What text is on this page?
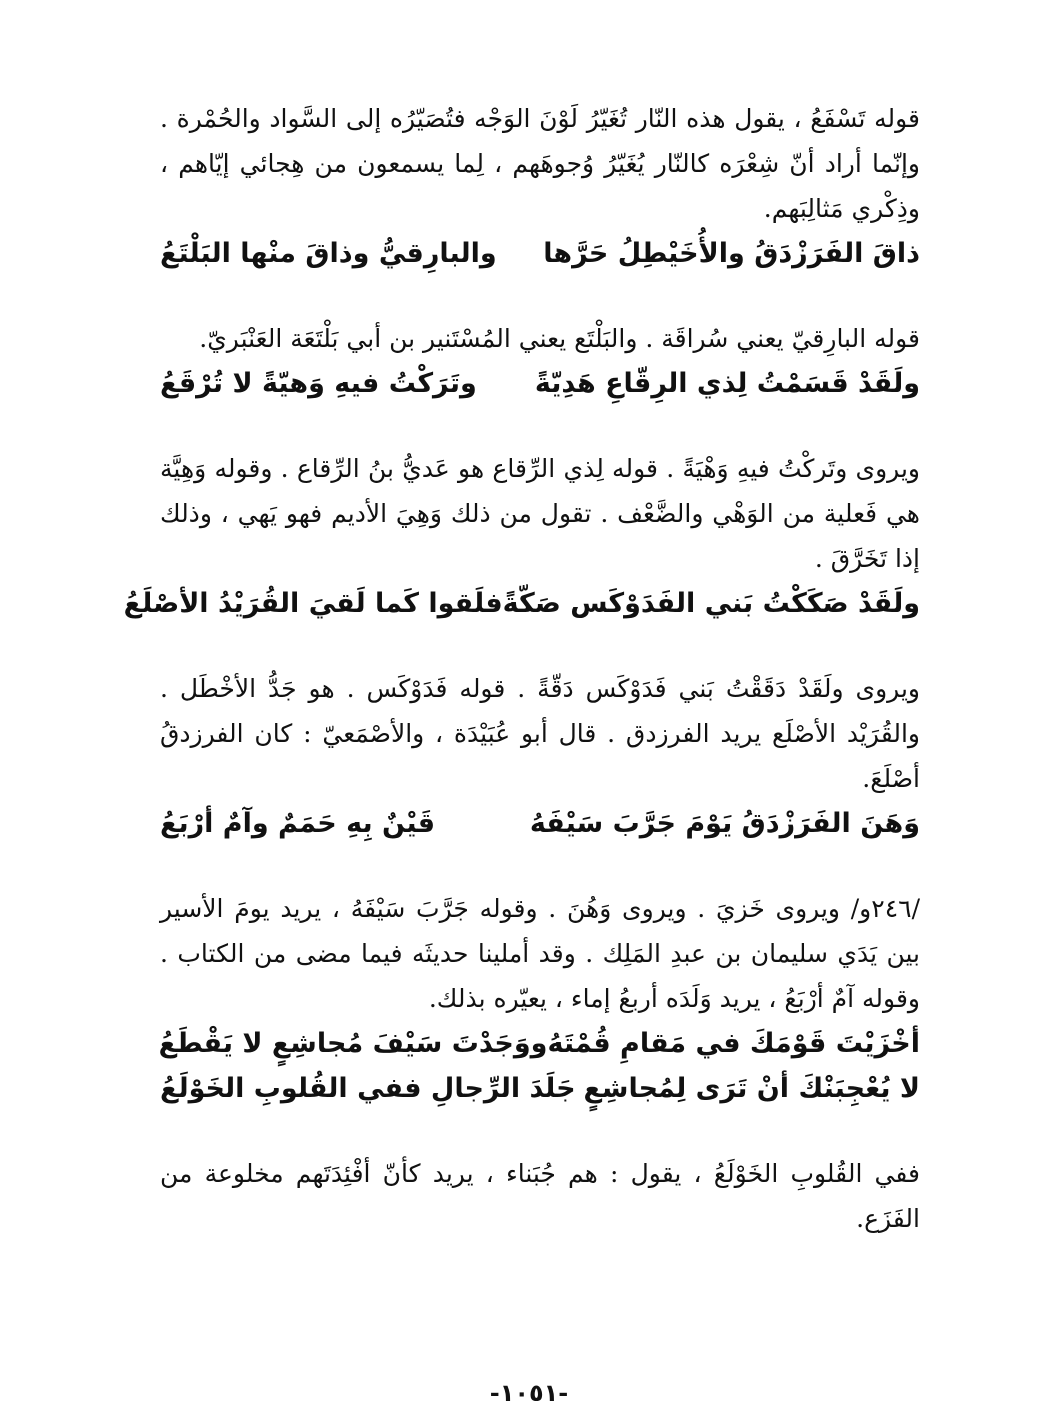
قوله تَسْفَعُ ، يقول هذه النّار تُغَيّرُ لَوْنَ الوَجْه فتُصَيّرُه إلى السَّواد والحُمْرة . وإنّما أراد أنّ شِعْرَه كالنّار يُغَيّرُ وُجوهَهم ، لِما يسمعون من هِجائي إيّاهم ، وذِكْري مَثالِبَهم.

ذاقَ الفَرَزْدَقُ والأُخَيْطِلُ حَرَّها
والبارِقيُّ وذاقَ منْها البَلْتَعُ

قوله البارِقيّ يعني سُراقَة . والبَلْتَع يعني المُسْتَنير بن أبي بَلْتَعَة العَنْبَريّ.

ولَقَدْ قَسَمْتُ لِذي الرِقّاعِ هَدِيّةً
وتَرَكْتُ فيهِ وَهيّةً لا تُرْقَعُ

ويروى وتَركْتُ فيهِ وَهْيَةً . قوله لِذي الرِّقاع هو عَديُّ بنُ الرِّقاع . وقوله وَهِيَّة هي فَعلية من الوَهْي والضَّعْف . تقول من ذلك وَهِيَ الأديم فهو يَهي ، وذلك إذا تَخَرَّقَ .

ولَقَدْ صَكَكْتُ بَني الفَدَوْكَس صَكّةً
فلَقوا كَما لَقيَ القُرَيْدُ الأصْلَعُ

ويروى ولَقَدْ دَقَقْتُ بَني فَدَوْكَس دَقّةً . قوله فَدَوْكَس . هو جَدُّ الأخْطَل . والقُرَيْد الأصْلَع يريد الفرزدق . قال أبو عُبَيْدَة ، والأصْمَعيّ : كان الفرزدقُ أصْلَعَ.

وَهَنَ الفَرَزْدَقُ يَوْمَ جَرَّبَ سَيْفَهُ
قَيْنٌ بِهِ حَمَمٌ وآمٌ أرْبَعُ

/٢٤٦و/ ويروى خَزيَ . ويروى وَهُنَ . وقوله جَرَّبَ سَيْفَهُ ، يريد يومَ الأسير بين يَدَي سليمان بن عبدِ المَلِك . وقد أملينا حديثَه فيما مضى من الكتاب . وقوله آمٌ أرْبَعُ ، يريد وَلَدَه أربعُ إماء ، يعيّره بذلك.

أخْزَيْتَ قَوْمَكَ في مَقامِ قُمْتَهُ
ووَجَدْتَ سَيْفَ مُجاشِعٍ لا يَقْطَعُ
لا يُعْجِبَنْكَ أنْ تَرَى لِمُجاشِعٍ
جَلَدَ الرِّجالِ ففي القُلوبِ الخَوْلَعُ

ففي القُلوبِ الخَوْلَعُ ، يقول : هم جُبَناء ، يريد كأنّ أفْئِدَتَهم مخلوعة من الفَزَع.

-١٠٥١-
